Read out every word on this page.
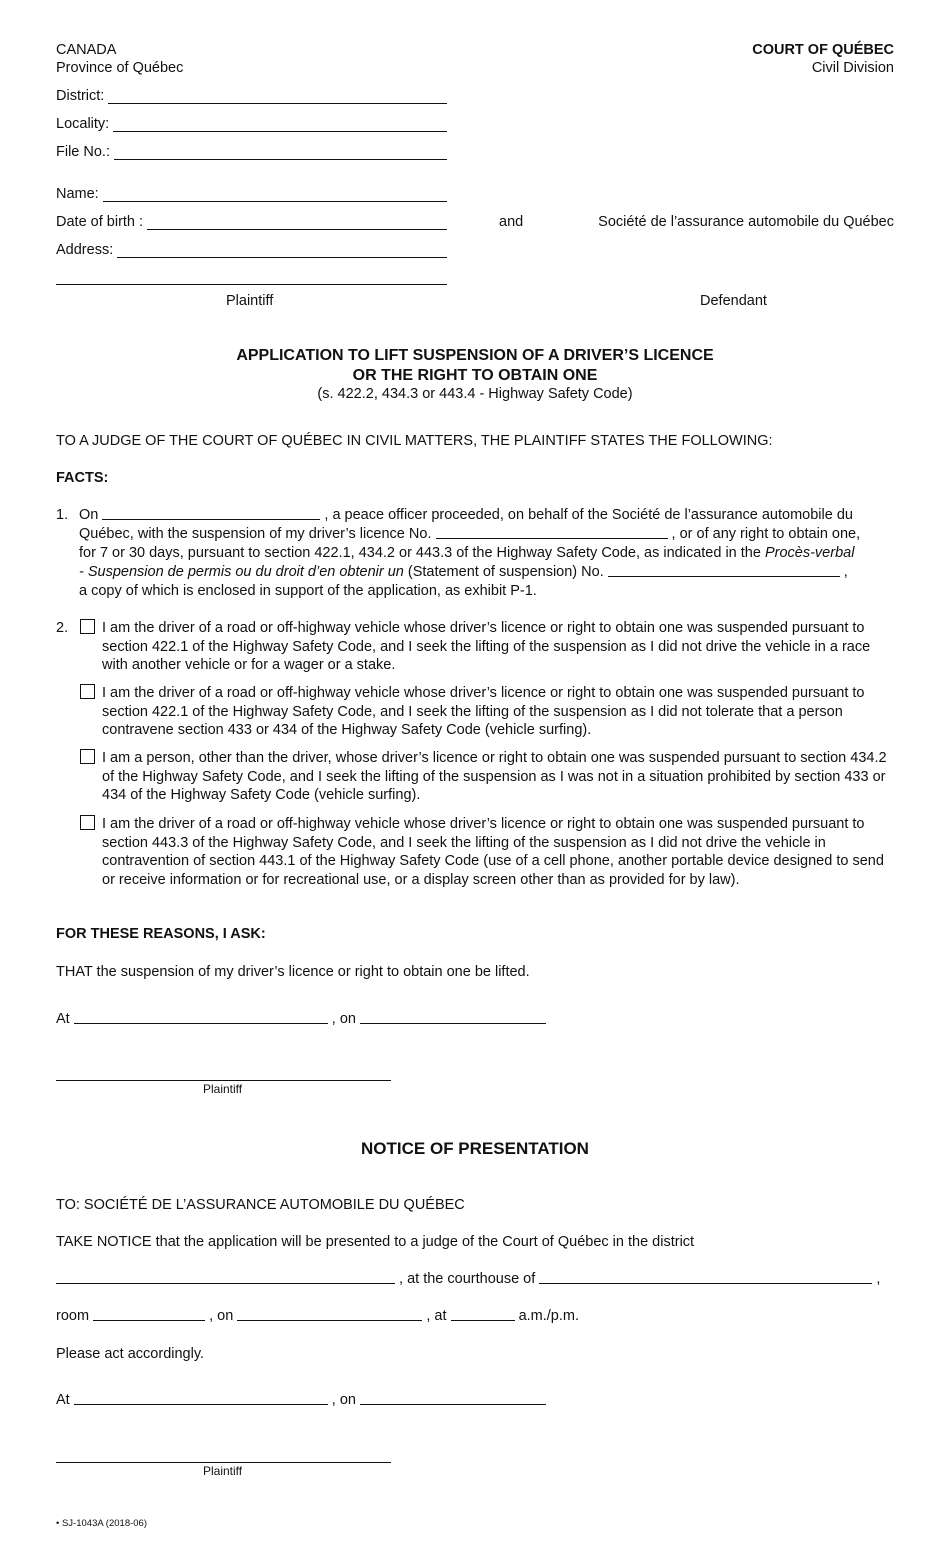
CANADA
Province of Québec
COURT OF QUÉBEC
Civil Division
District:
Locality:
File No.:
Name:
Date of birth :
Address:
and	Société de l’assurance automobile du Québec
Plaintiff	Defendant
APPLICATION TO LIFT SUSPENSION OF A DRIVER’S LICENCE
OR THE RIGHT TO OBTAIN ONE
(s. 422.2, 434.3 or 443.4 - Highway Safety Code)
TO A JUDGE OF THE COURT OF QUÉBEC IN CIVIL MATTERS, THE PLAINTIFF STATES THE FOLLOWING:
FACTS:
1. On	, a peace officer proceeded, on behalf of the Société de l’assurance automobile du
Québec, with the suspension of my driver’s licence No.	, or of any right to obtain one,
for 7 or 30 days, pursuant to section 422.1, 434.2 or 443.3 of the Highway Safety Code, as indicated in the Procès-verbal
- Suspension de permis ou du droit d’en obtenir un (Statement of suspension) No.	,
a copy of which is enclosed in support of the application, as exhibit P-1.
2. I am the driver of a road or off-highway vehicle whose driver’s licence or right to obtain one was suspended pursuant to section 422.1 of the Highway Safety Code, and I seek the lifting of the suspension as I did not drive the vehicle in a race with another vehicle or for a wager or a stake.
I am the driver of a road or off-highway vehicle whose driver’s licence or right to obtain one was suspended pursuant to section 422.1 of the Highway Safety Code, and I seek the lifting of the suspension as I did not tolerate that a person contravene section 433 or 434 of the Highway Safety Code (vehicle surfing).
I am a person, other than the driver, whose driver’s licence or right to obtain one was suspended pursuant to section 434.2 of the Highway Safety Code, and I seek the lifting of the suspension as I was not in a situation prohibited by section 433 or 434 of the Highway Safety Code (vehicle surfing).
I am the driver of a road or off-highway vehicle whose driver’s licence or right to obtain one was suspended pursuant to section 443.3 of the Highway Safety Code, and I seek the lifting of the suspension as I did not drive the vehicle in contravention of section 443.1 of the Highway Safety Code (use of a cell phone, another portable device designed to send or receive information or for recreational use, or a display screen other than as provided for by law).
FOR THESE REASONS, I ASK:
THAT the suspension of my driver’s licence or right to obtain one be lifted.
At	, on
Plaintiff
NOTICE OF PRESENTATION
TO: SOCIÉTÉ DE L’ASSURANCE AUTOMOBILE DU QUÉBEC
TAKE NOTICE that the application will be presented to a judge of the Court of Québec in the district
, at the courthouse of	,
room	, on	, at	a.m./p.m.
Please act accordingly.
At	, on
Plaintiff
• SJ-1043A (2018-06)
